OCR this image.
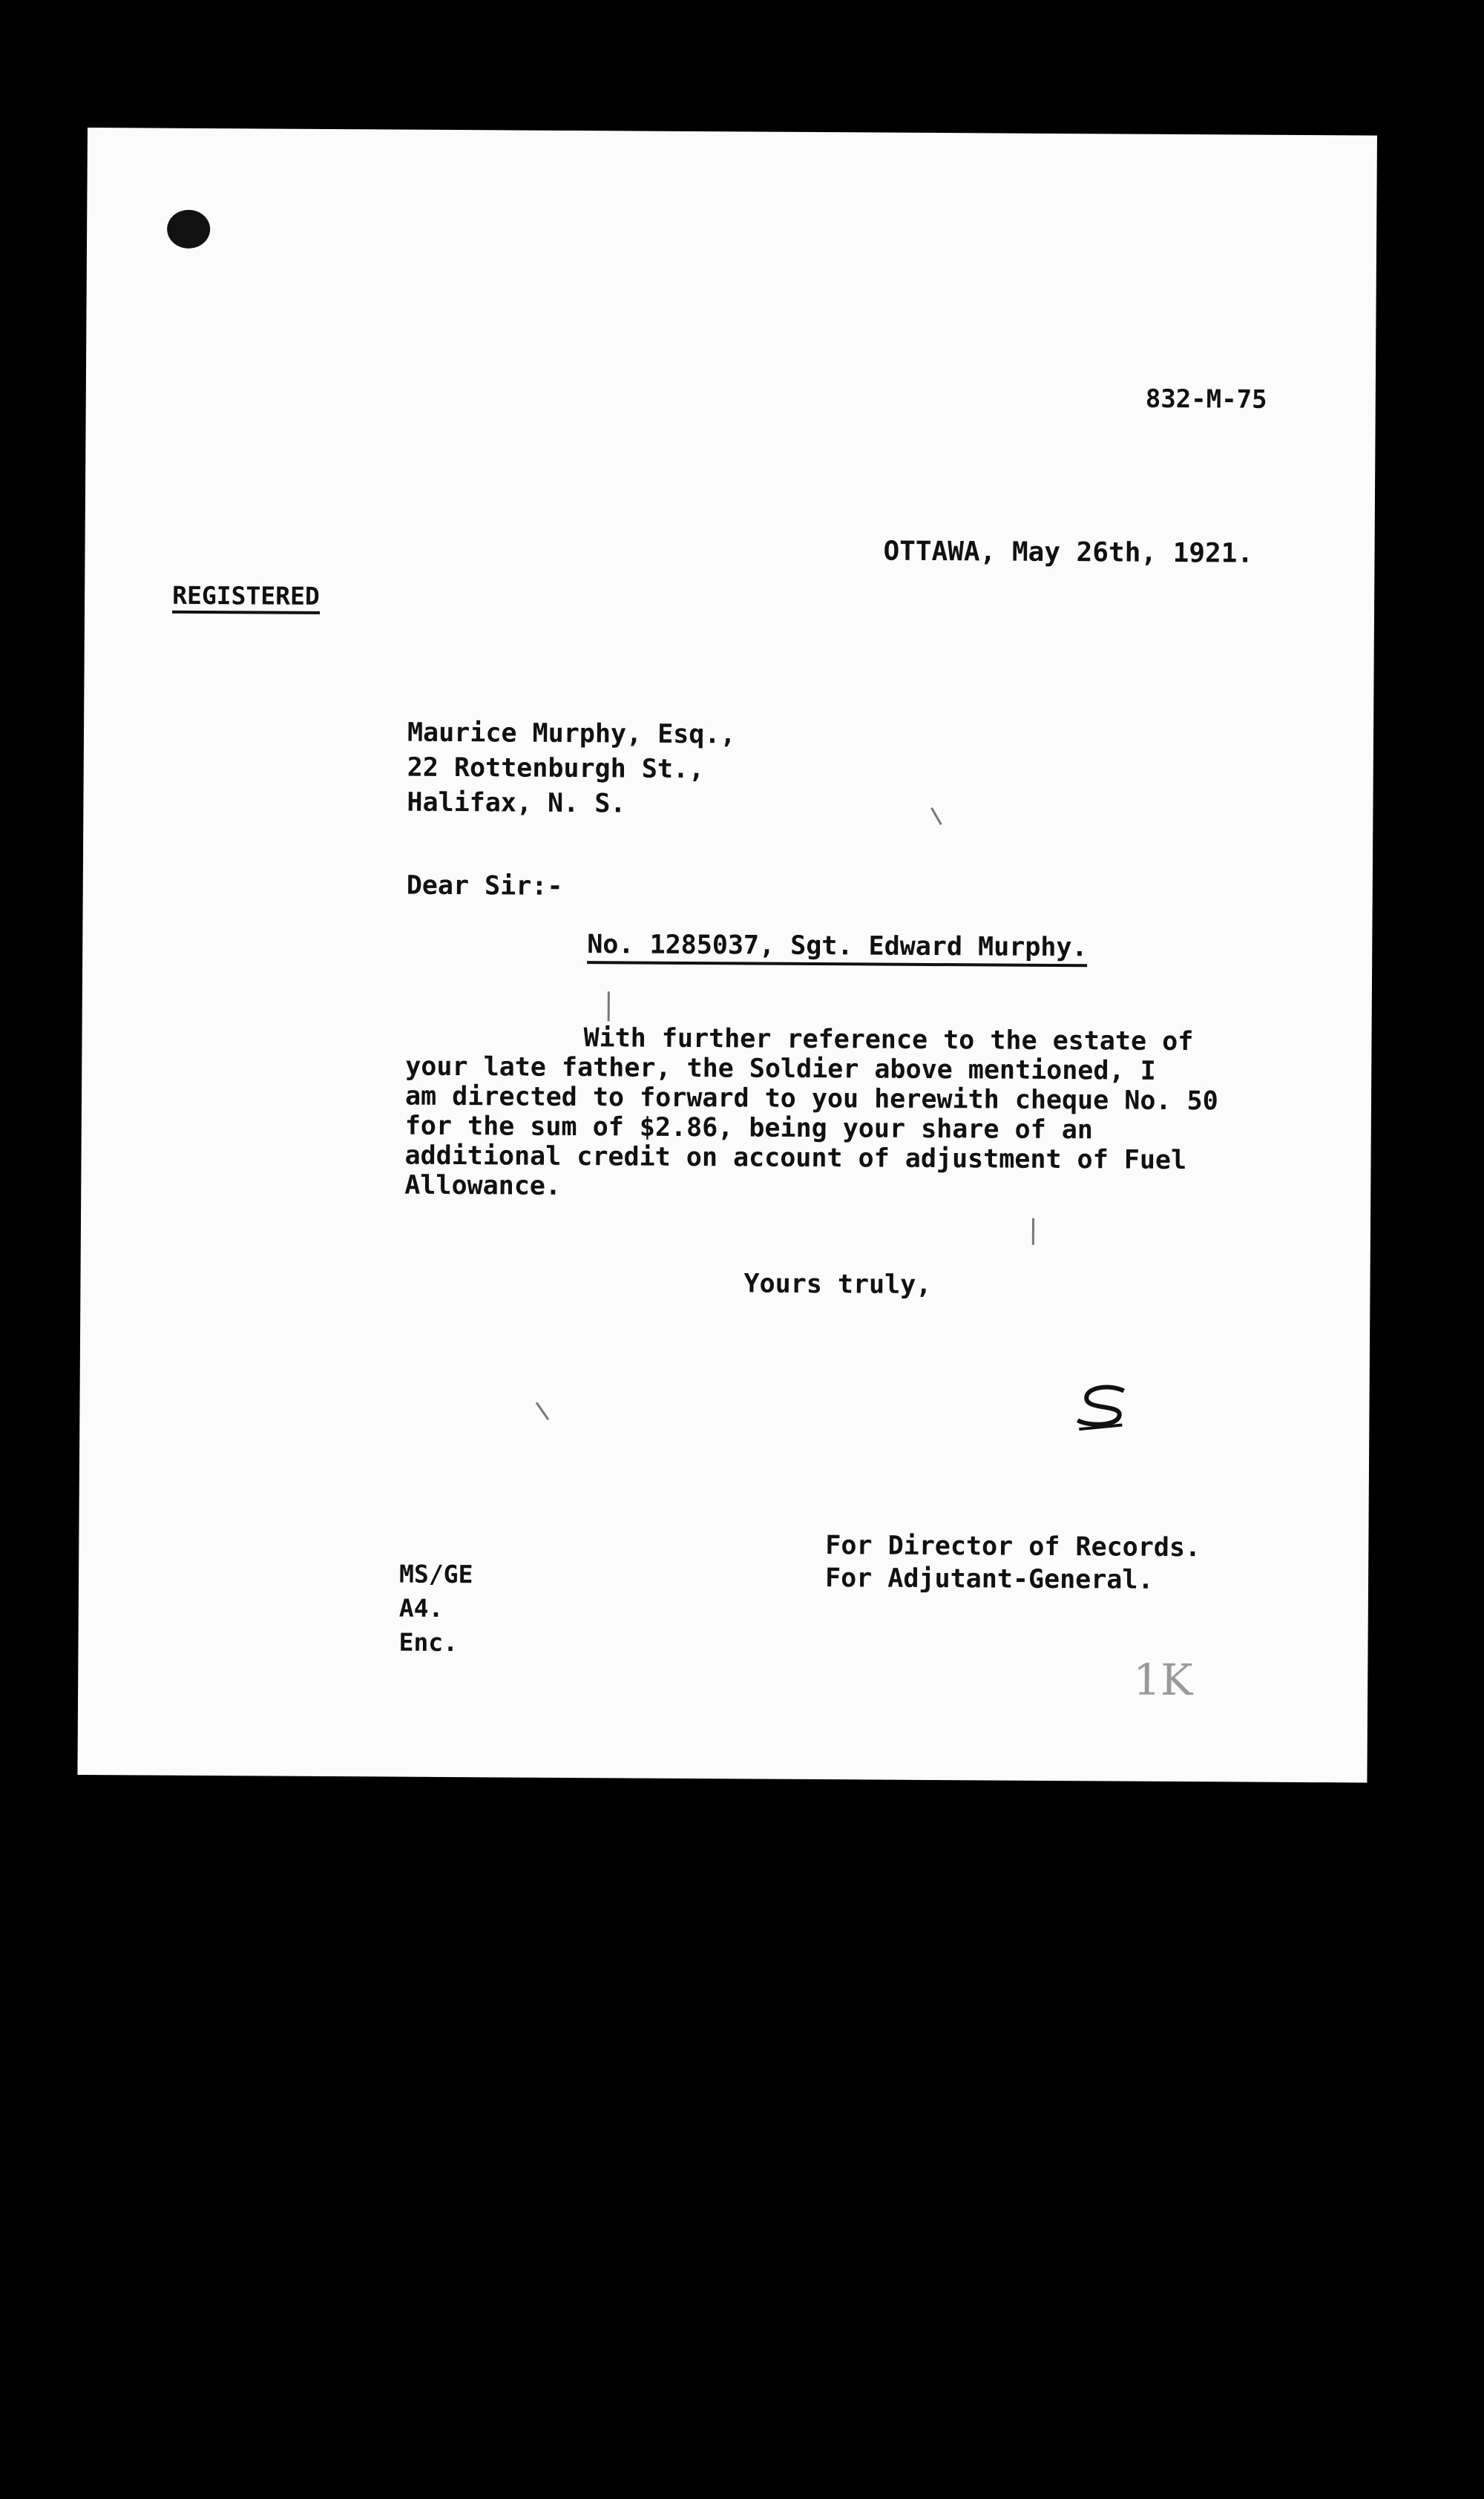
832-M-75
OTTAWA, May 26th, 1921.
REGISTERED
Maurice Murphy, Esq.,
22 Rottenburgh St.,
Halifax, N. S.
Dear Sir:-
No. 1285037, Sgt. Edward Murphy.
With further reference to the estate of
your late father, the Soldier above mentioned, I
am directed to forward to you herewith cheque No. 50
for the sum of $2.86, being your share of an
additional credit on account of adjustment of Fuel
Allowance.
Yours truly,
For Director of Records.
For Adjutant-General.
MS/GE
A4.
Enc.
1K
